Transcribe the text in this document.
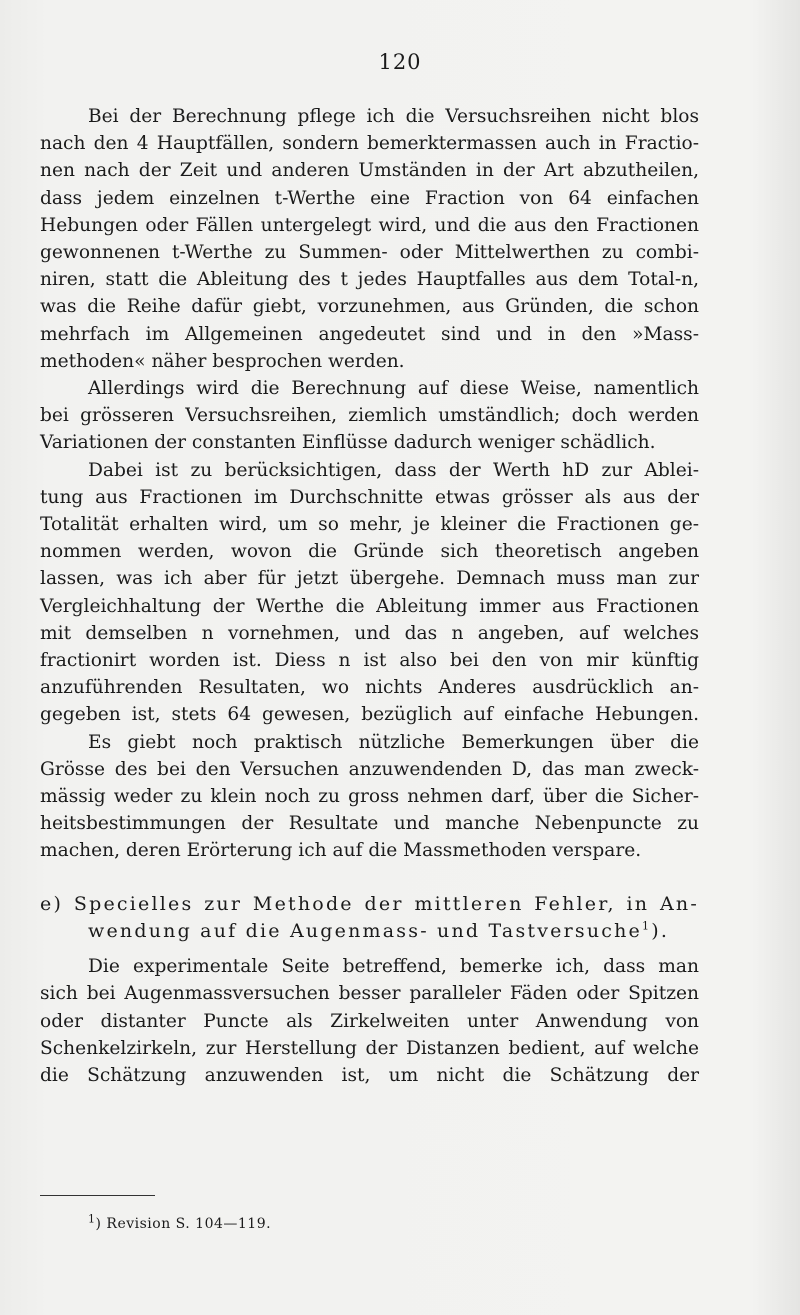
120
Bei der Berechnung pflege ich die Versuchsreihen nicht blos
nach den 4 Hauptfällen, sondern bemerktermassen auch in Fractio-
nen nach der Zeit und anderen Umständen in der Art abzutheilen,
dass jedem einzelnen t-Werthe eine Fraction von 64 einfachen
Hebungen oder Fällen untergelegt wird, und die aus den Fractionen
gewonnenen t-Werthe zu Summen- oder Mittelwerthen zu combi-
niren, statt die Ableitung des t jedes Hauptfalles aus dem Total-n,
was die Reihe dafür giebt, vorzunehmen, aus Gründen, die schon
mehrfach im Allgemeinen angedeutet sind und in den »Mass-
methoden« näher besprochen werden.
Allerdings wird die Berechnung auf diese Weise, namentlich
bei grösseren Versuchsreihen, ziemlich umständlich; doch werden
Variationen der constanten Einflüsse dadurch weniger schädlich.
Dabei ist zu berücksichtigen, dass der Werth hD zur Ablei-
tung aus Fractionen im Durchschnitte etwas grösser als aus der
Totalität erhalten wird, um so mehr, je kleiner die Fractionen ge-
nommen werden, wovon die Gründe sich theoretisch angeben
lassen, was ich aber für jetzt übergehe. Demnach muss man zur
Vergleichhaltung der Werthe die Ableitung immer aus Fractionen
mit demselben n vornehmen, und das n angeben, auf welches
fractionirt worden ist. Diess n ist also bei den von mir künftig
anzuführenden Resultaten, wo nichts Anderes ausdrücklich an-
gegeben ist, stets 64 gewesen, bezüglich auf einfache Hebungen.
Es giebt noch praktisch nützliche Bemerkungen über die
Grösse des bei den Versuchen anzuwendenden D, das man zweck-
mässig weder zu klein noch zu gross nehmen darf, über die Sicher-
heitsbestimmungen der Resultate und manche Nebenpuncte zu
machen, deren Erörterung ich auf die Massmethoden verspare.
e) Specielles zur Methode der mittleren Fehler, in An-
wendung auf die Augenmass- und Tastversuche$^1$).
Die experimentale Seite betreffend, bemerke ich, dass man
sich bei Augenmassversuchen besser paralleler Fäden oder Spitzen
oder distanter Puncte als Zirkelweiten unter Anwendung von
Schenkelzirkeln, zur Herstellung der Distanzen bedient, auf welche
die Schätzung anzuwenden ist, um nicht die Schätzung der
$^1$) Revision S. 104—119.
